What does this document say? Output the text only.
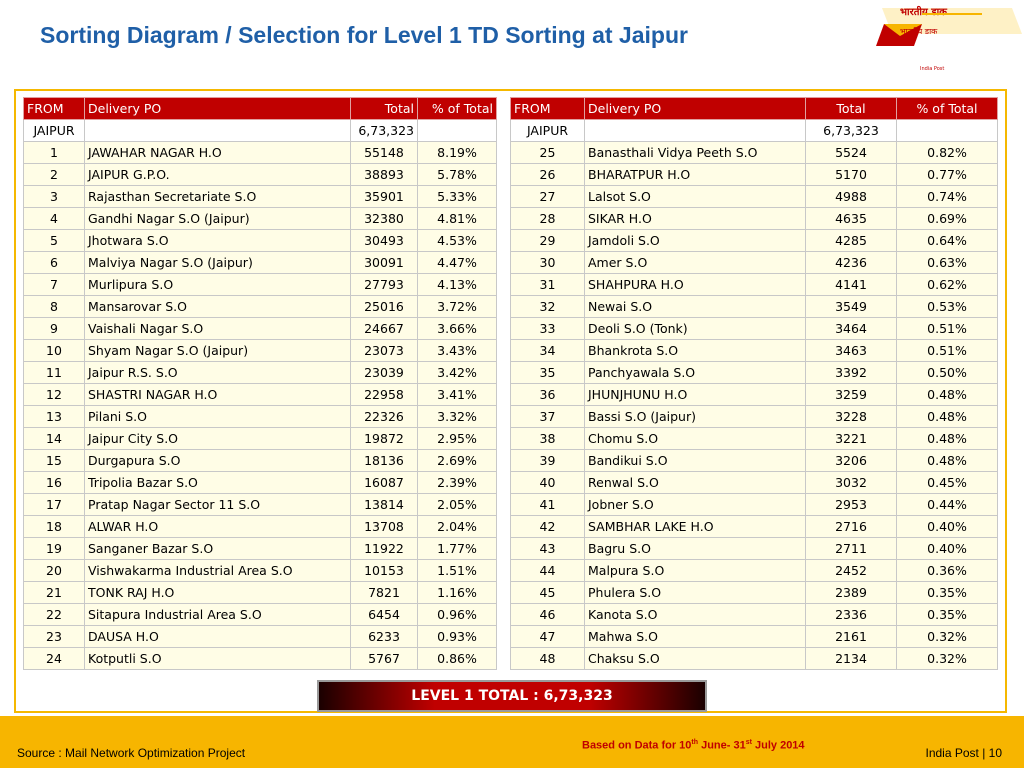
Sorting Diagram / Selection for Level 1 TD Sorting at Jaipur
भारतीय डाक
भारतीय डाक
India Post
FROM	Delivery PO	Total	% of Total
JAIPUR		6,73,323	
1	JAWAHAR NAGAR H.O	55148	8.19%
2	JAIPUR G.P.O.	38893	5.78%
3	Rajasthan Secretariate S.O	35901	5.33%
4	Gandhi Nagar S.O (Jaipur)	32380	4.81%
5	Jhotwara S.O	30493	4.53%
6	Malviya Nagar S.O (Jaipur)	30091	4.47%
7	Murlipura S.O	27793	4.13%
8	Mansarovar S.O	25016	3.72%
9	Vaishali Nagar S.O	24667	3.66%
10	Shyam Nagar S.O (Jaipur)	23073	3.43%
11	Jaipur R.S. S.O	23039	3.42%
12	SHASTRI NAGAR H.O	22958	3.41%
13	Pilani S.O	22326	3.32%
14	Jaipur City S.O	19872	2.95%
15	Durgapura S.O	18136	2.69%
16	Tripolia Bazar S.O	16087	2.39%
17	Pratap Nagar Sector 11 S.O	13814	2.05%
18	ALWAR H.O	13708	2.04%
19	Sanganer Bazar S.O	11922	1.77%
20	Vishwakarma Industrial Area S.O	10153	1.51%
21	TONK RAJ H.O	7821	1.16%
22	Sitapura Industrial Area S.O	6454	0.96%
23	DAUSA H.O	6233	0.93%
24	Kotputli S.O	5767	0.86%
FROM	Delivery PO	Total	% of Total
JAIPUR		6,73,323	
25	Banasthali Vidya Peeth S.O	5524	0.82%
26	BHARATPUR H.O	5170	0.77%
27	Lalsot S.O	4988	0.74%
28	SIKAR H.O	4635	0.69%
29	Jamdoli S.O	4285	0.64%
30	Amer S.O	4236	0.63%
31	SHAHPURA H.O	4141	0.62%
32	Newai S.O	3549	0.53%
33	Deoli S.O (Tonk)	3464	0.51%
34	Bhankrota S.O	3463	0.51%
35	Panchyawala S.O	3392	0.50%
36	JHUNJHUNU H.O	3259	0.48%
37	Bassi S.O (Jaipur)	3228	0.48%
38	Chomu S.O	3221	0.48%
39	Bandikui S.O	3206	0.48%
40	Renwal S.O	3032	0.45%
41	Jobner S.O	2953	0.44%
42	SAMBHAR LAKE H.O	2716	0.40%
43	Bagru S.O	2711	0.40%
44	Malpura S.O	2452	0.36%
45	Phulera S.O	2389	0.35%
46	Kanota S.O	2336	0.35%
47	Mahwa S.O	2161	0.32%
48	Chaksu S.O	2134	0.32%
LEVEL 1 TOTAL : 6,73,323
Source : Mail Network Optimization Project
Based on Data for 10th June- 31st July 2014
India Post | 10
